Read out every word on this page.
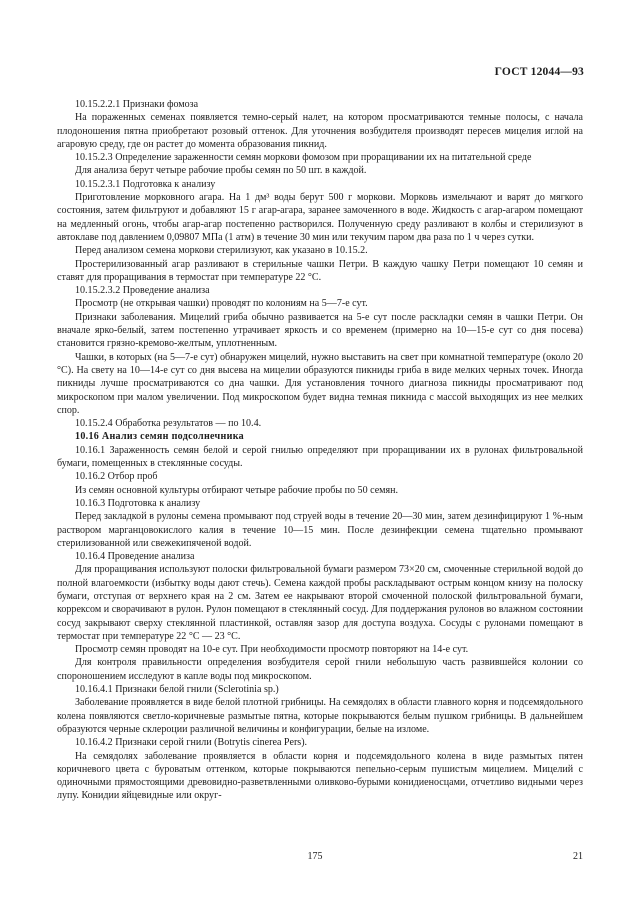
ГОСТ 12044—93

10.15.2.2.1 Признаки фомоза

На пораженных семенах появляется темно-серый налет, на котором просматриваются темные полосы, с начала плодоношения пятна приобретают розовый оттенок. Для уточнения возбудителя производят пересев мицелия иглой на агаровую среду, где он растет до момента образования пикнид.

10.15.2.3 Определение зараженности семян моркови фомозом при проращивании их на питательной среде

Для анализа берут четыре рабочие пробы семян по 50 шт. в каждой.

10.15.2.3.1 Подготовка к анализу

Приготовление морковного агара. На 1 дм³ воды берут 500 г моркови. Морковь измельчают и варят до мягкого состояния, затем фильтруют и добавляют 15 г агар-агара, заранее замоченного в воде. Жидкость с агар-агаром помещают на медленный огонь, чтобы агар-агар постепенно растворился. Полученную среду разливают в колбы и стерилизуют в автоклаве под давлением 0,09807 МПа (1 атм) в течение 30 мин или текучим паром два раза по 1 ч через сутки.

Перед анализом семена моркови стерилизуют, как указано в 10.15.2.

Простерилизованный агар разливают в стерильные чашки Петри. В каждую чашку Петри помещают 10 семян и ставят для проращивания в термостат при температуре 22 °С.

10.15.2.3.2 Проведение анализа

Просмотр (не открывая чашки) проводят по колониям на 5—7-е сут.

Признаки заболевания. Мицелий гриба обычно развивается на 5-е сут после раскладки семян в чашки Петри. Он вначале ярко-белый, затем постепенно утрачивает яркость и со временем (примерно на 10—15-е сут со дня посева) становится грязно-кремово-желтым, уплотненным.

Чашки, в которых (на 5—7-е сут) обнаружен мицелий, нужно выставить на свет при комнатной температуре (около 20 °С). На свету на 10—14-е сут со дня высева на мицелии образуются пикниды гриба в виде мелких черных точек. Иногда пикниды лучше просматриваются со дна чашки. Для установления точного диагноза пикниды просматривают под микроскопом при малом увеличении. Под микроскопом будет видна темная пикнида с массой выходящих из нее мелких спор.

10.15.2.4 Обработка результатов — по 10.4.

10.16 Анализ семян подсолнечника

10.16.1 Зараженность семян белой и серой гнилью определяют при проращивании их в рулонах фильтровальной бумаги, помещенных в стеклянные сосуды.

10.16.2 Отбор проб

Из семян основной культуры отбирают четыре рабочие пробы по 50 семян.

10.16.3 Подготовка к анализу

Перед закладкой в рулоны семена промывают под струей воды в течение 20—30 мин, затем дезинфицируют 1 %-ным раствором марганцовокислого калия в течение 10—15 мин. После дезинфекции семена тщательно промывают стерилизованной или свежекипяченой водой.

10.16.4 Проведение анализа

Для проращивания используют полоски фильтровальной бумаги размером 73×20 см, смоченные стерильной водой до полной влагоемкости (избытку воды дают стечь). Семена каждой пробы раскладывают острым концом книзу на полоску бумаги, отступая от верхнего края на 2 см. Затем ее накрывают второй смоченной полоской фильтровальной бумаги, коррексом и сворачивают в рулон. Рулон помещают в стеклянный сосуд. Для поддержания рулонов во влажном состоянии сосуд закрывают сверху стеклянной пластинкой, оставляя зазор для доступа воздуха. Сосуды с рулонами помещают в термостат при температуре 22 °С — 23 °С.

Просмотр семян проводят на 10-е сут. При необходимости просмотр повторяют на 14-е сут.

Для контроля правильности определения возбудителя серой гнили небольшую часть развившейся колонии со спороношением исследуют в капле воды под микроскопом.

10.16.4.1 Признаки белой гнили (Sclerotinia sp.)

Заболевание проявляется в виде белой плотной грибницы. На семядолях в области главного корня и подсемядольного колена появляются светло-коричневые размытые пятна, которые покрываются белым пушком грибницы. В дальнейшем образуются черные склероции различной величины и конфигурации, белые на изломе.

10.16.4.2 Признаки серой гнили (Botrytis cinerea Pers).

На семядолях заболевание проявляется в области корня и подсемядольного колена в виде размытых пятен коричневого цвета с буроватым оттенком, которые покрываются пепельно-серым пушистым мицелием. Мицелий с одиночными прямостоящими древовидно-разветвленными оливково-бурыми конидиеносцами, отчетливо видными через лупу. Конидии яйцевидные или округ-

175	21
